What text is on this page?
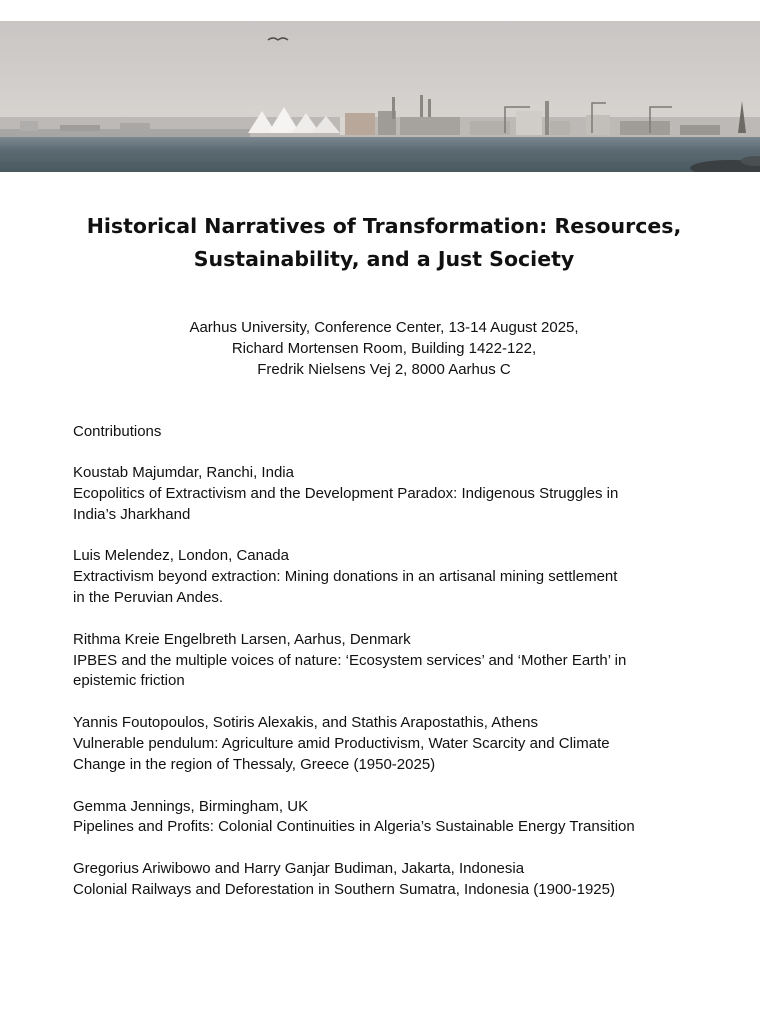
Historical Narratives of Transformation: Resources,
Sustainability, and a Just Society
Aarhus University, Conference Center, 13-14 August 2025,
Richard Mortensen Room, Building 1422-122,
Fredrik Nielsens Vej 2, 8000 Aarhus C
Contributions
Koustab Majumdar, Ranchi, India
Ecopolitics of Extractivism and the Development Paradox: Indigenous Struggles in
India’s Jharkhand
Luis Melendez, London, Canada
Extractivism beyond extraction: Mining donations in an artisanal mining settlement
in the Peruvian Andes.
Rithma Kreie Engelbreth Larsen, Aarhus, Denmark
IPBES and the multiple voices of nature: ‘Ecosystem services’ and ‘Mother Earth’ in
epistemic friction
Yannis Foutopoulos, Sotiris Alexakis, and Stathis Arapostathis, Athens
Vulnerable pendulum: Agriculture amid Productivism, Water Scarcity and Climate
Change in the region of Thessaly, Greece (1950-2025)
Gemma Jennings, Birmingham, UK
Pipelines and Profits: Colonial Continuities in Algeria’s Sustainable Energy Transition
Gregorius Ariwibowo and Harry Ganjar Budiman, Jakarta, Indonesia
Colonial Railways and Deforestation in Southern Sumatra, Indonesia (1900-1925)
